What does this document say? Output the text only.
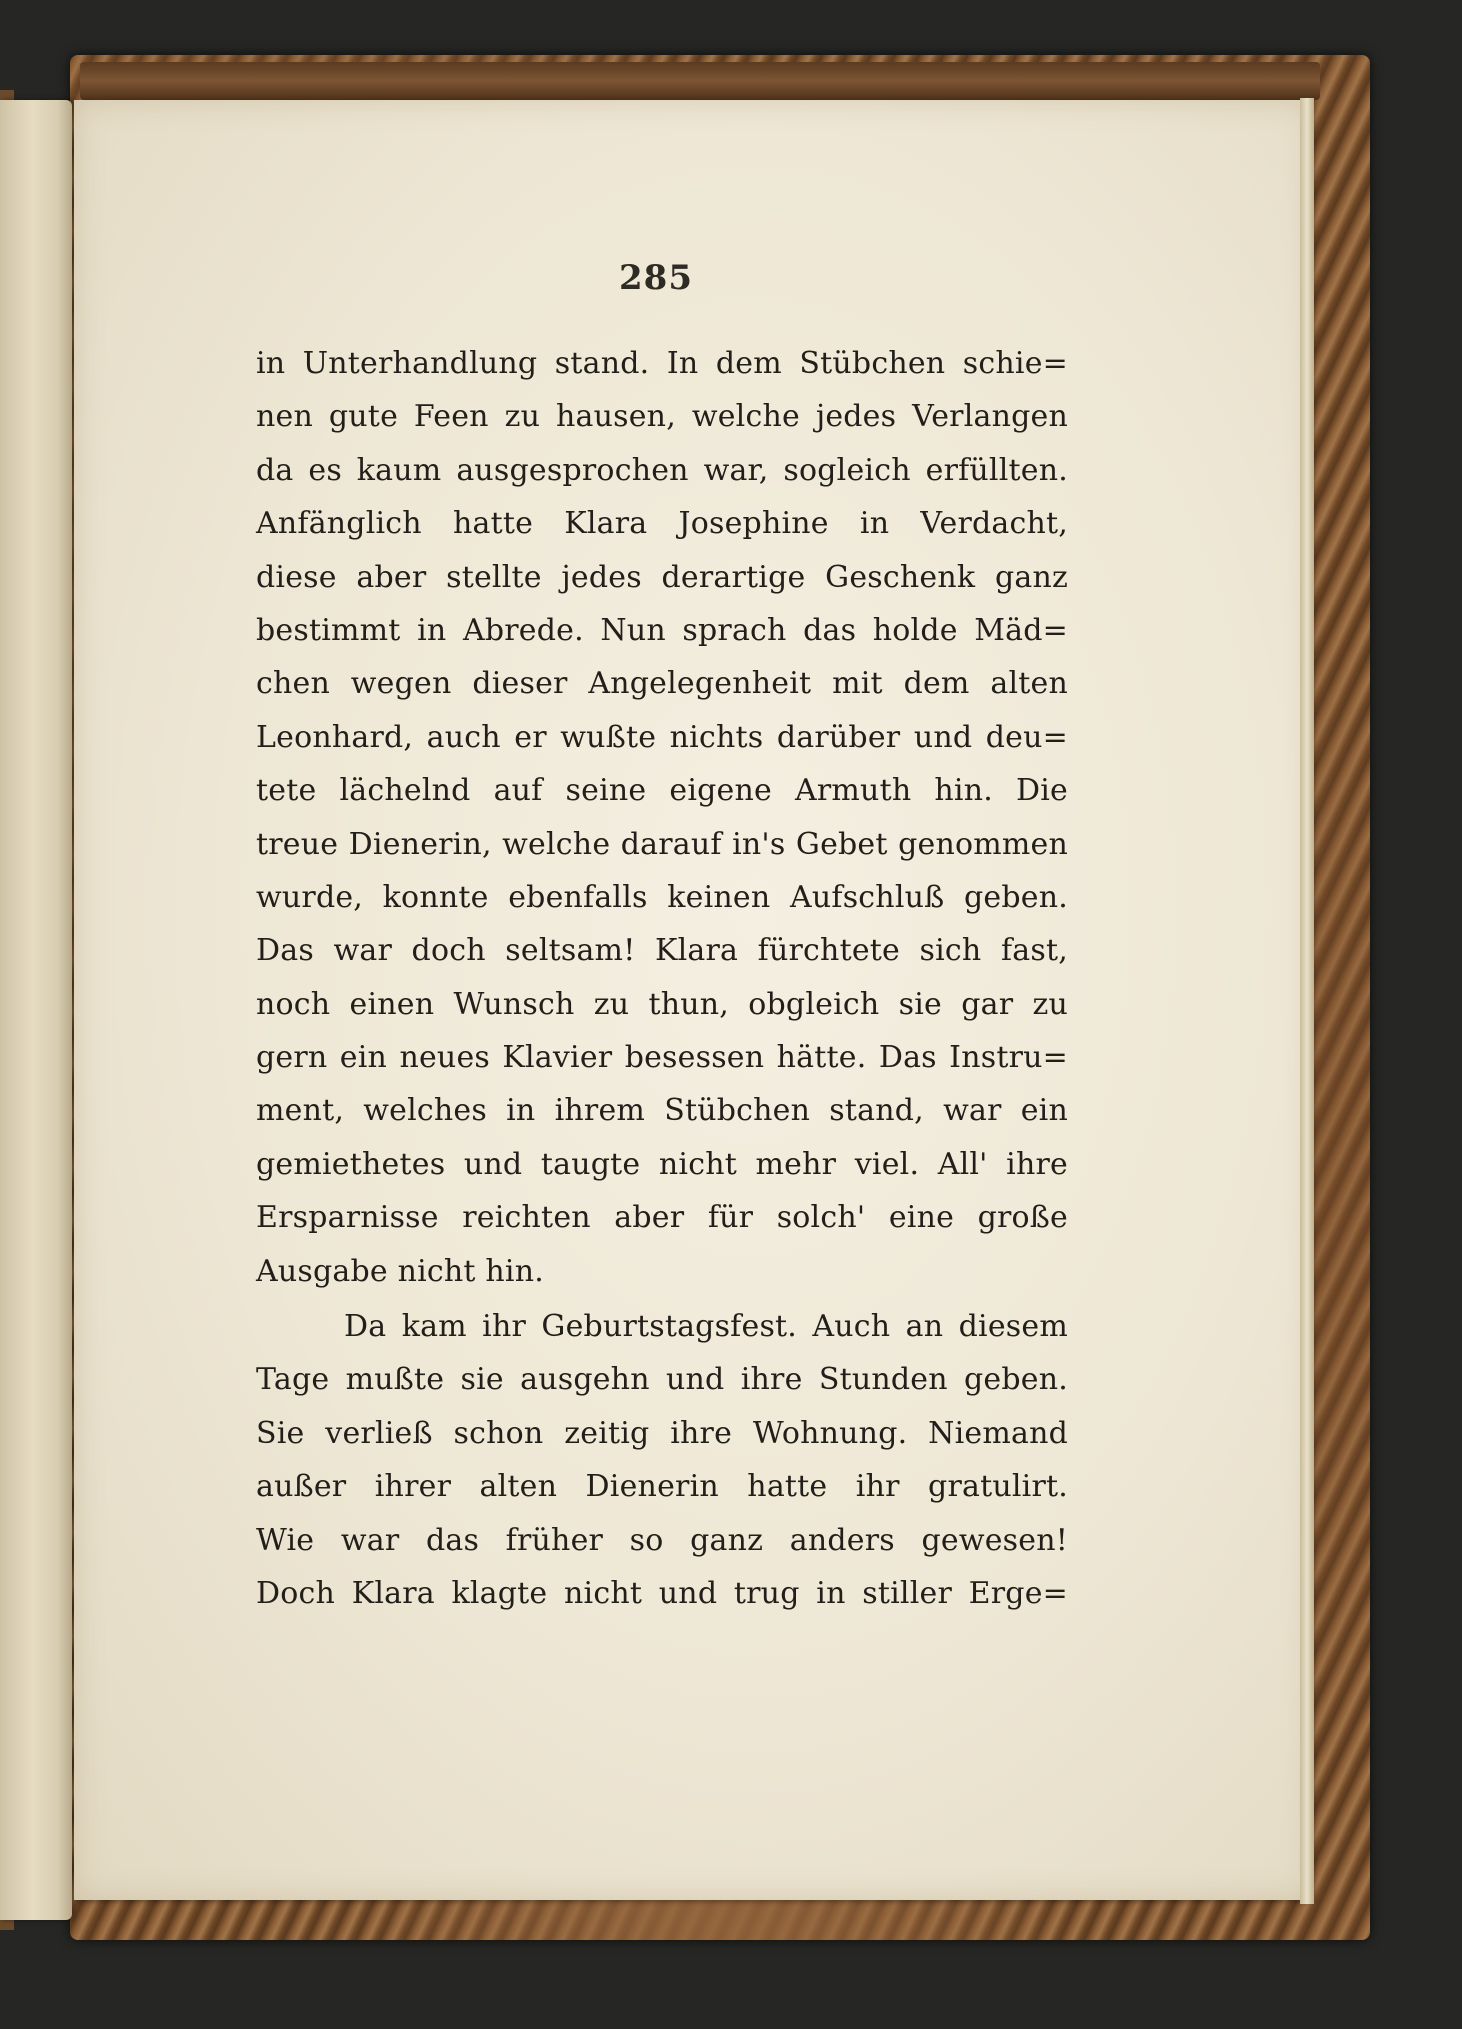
285
in Unterhandlung stand. In dem Stübchen schie=
nen gute Feen zu hausen, welche jedes Verlangen
da es kaum ausgesprochen war, sogleich erfüllten.
Anfänglich hatte Klara Josephine in Verdacht,
diese aber stellte jedes derartige Geschenk ganz
bestimmt in Abrede. Nun sprach das holde Mäd=
chen wegen dieser Angelegenheit mit dem alten
Leonhard, auch er wußte nichts darüber und deu=
tete lächelnd auf seine eigene Armuth hin. Die
treue Dienerin, welche darauf in's Gebet genommen
wurde, konnte ebenfalls keinen Aufschluß geben.
Das war doch seltsam! Klara fürchtete sich fast,
noch einen Wunsch zu thun, obgleich sie gar zu
gern ein neues Klavier besessen hätte. Das Instru=
ment, welches in ihrem Stübchen stand, war ein
gemiethetes und taugte nicht mehr viel. All' ihre
Ersparnisse reichten aber für solch' eine große
Ausgabe nicht hin.
Da kam ihr Geburtstagsfest. Auch an diesem
Tage mußte sie ausgehn und ihre Stunden geben.
Sie verließ schon zeitig ihre Wohnung. Niemand
außer ihrer alten Dienerin hatte ihr gratulirt.
Wie war das früher so ganz anders gewesen!
Doch Klara klagte nicht und trug in stiller Erge=
